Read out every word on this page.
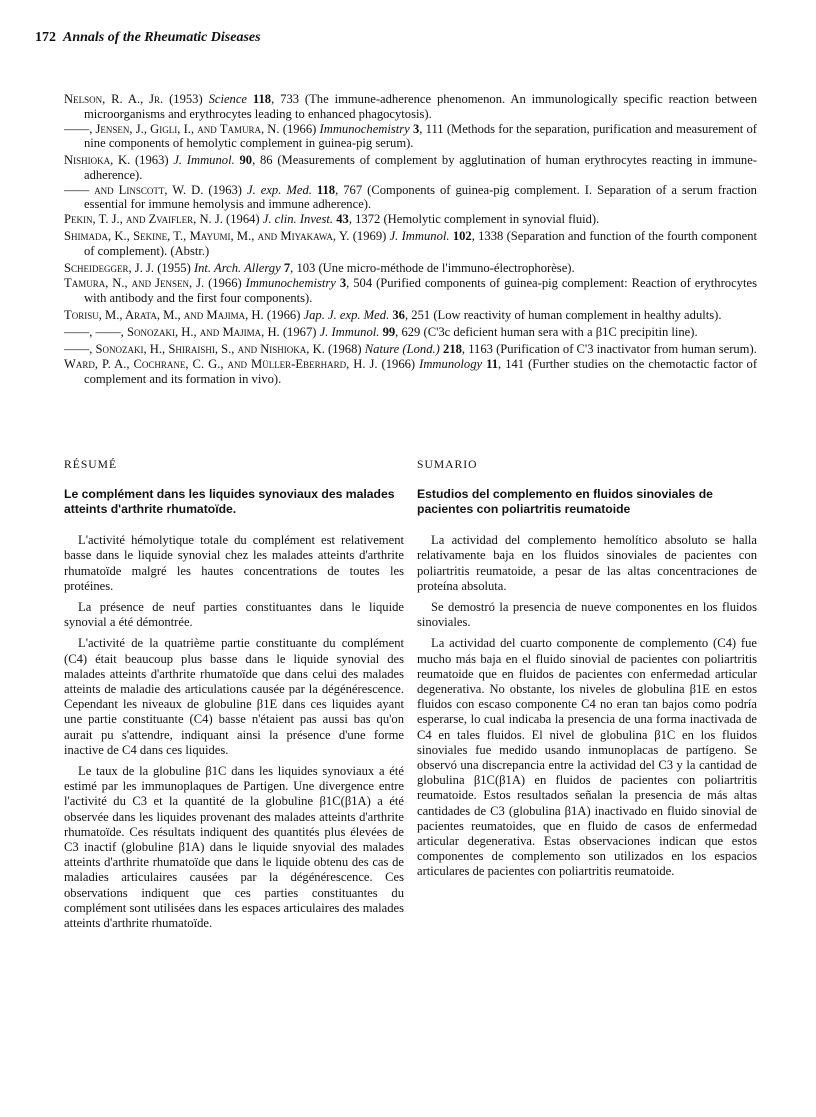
172 Annals of the Rheumatic Diseases

Nelson, R. A., Jr. (1953) Science 118, 733 (The immune-adherence phenomenon. An immunologically specific reaction between microorganisms and erythrocytes leading to enhanced phagocytosis).

——, Jensen, J., Gigli, I., and Tamura, N. (1966) Immunochemistry 3, 111 (Methods for the separation, purification and measurement of nine components of hemolytic complement in guinea-pig serum).

Nishioka, K. (1963) J. Immunol. 90, 86 (Measurements of complement by agglutination of human erythrocytes reacting in immune-adherence).

—— and Linscott, W. D. (1963) J. exp. Med. 118, 767 (Components of guinea-pig complement. I. Separation of a serum fraction essential for immune hemolysis and immune adherence).

Pekin, T. J., and Zvaifler, N. J. (1964) J. clin. Invest. 43, 1372 (Hemolytic complement in synovial fluid).

Shimada, K., Sekine, T., Mayumi, M., and Miyakawa, Y. (1969) J. Immunol. 102, 1338 (Separation and function of the fourth component of complement). (Abstr.)

Scheidegger, J. J. (1955) Int. Arch. Allergy 7, 103 (Une micro-méthode de l'immuno-électrophorèse).

Tamura, N., and Jensen, J. (1966) Immunochemistry 3, 504 (Purified components of guinea-pig complement: Reaction of erythrocytes with antibody and the first four components).

Torisu, M., Arata, M., and Majima, H. (1966) Jap. J. exp. Med. 36, 251 (Low reactivity of human complement in healthy adults).

——, ——, Sonozaki, H., and Majima, H. (1967) J. Immunol. 99, 629 (C'3c deficient human sera with a β1C precipitin line).

——, Sonozaki, H., Shiraishi, S., and Nishioka, K. (1968) Nature (Lond.) 218, 1163 (Purification of C'3 inactivator from human serum).

Ward, P. A., Cochrane, C. G., and Müller-Eberhard, H. J. (1966) Immunology 11, 141 (Further studies on the chemotactic factor of complement and its formation in vivo).

RÉSUMÉ

Le complément dans les liquides synoviaux des malades atteints d'arthrite rhumatoïde.

L'activité hémolytique totale du complément est relativement basse dans le liquide synovial chez les malades atteints d'arthrite rhumatoïde malgré les hautes concentrations de toutes les protéines.

La présence de neuf parties constituantes dans le liquide synovial a été démontrée.

L'activité de la quatrième partie constituante du complément (C4) était beaucoup plus basse dans le liquide synovial des malades atteints d'arthrite rhumatoïde que dans celui des malades atteints de maladie des articulations causée par la dégénérescence. Cependant les niveaux de globuline β1E dans ces liquides ayant une partie constituante (C4) basse n'étaient pas aussi bas qu'on aurait pu s'attendre, indiquant ainsi la présence d'une forme inactive de C4 dans ces liquides.

Le taux de la globuline β1C dans les liquides synoviaux a été estimé par les immunoplaques de Partigen. Une divergence entre l'activité du C3 et la quantité de la globuline β1C(β1A) a été observée dans les liquides provenant des malades atteints d'arthrite rhumatoïde. Ces résultats indiquent des quantités plus élevées de C3 inactif (globuline β1A) dans le liquide snyovial des malades atteints d'arthrite rhumatoïde que dans le liquide obtenu des cas de maladies articulaires causées par la dégénérescence. Ces observations indiquent que ces parties constituantes du complément sont utilisées dans les espaces articulaires des malades atteints d'arthrite rhumatoïde.

SUMARIO

Estudios del complemento en fluidos sinoviales de pacientes con poliartritis reumatoide

La actividad del complemento hemolítico absoluto se halla relativamente baja en los fluidos sinoviales de pacientes con poliartritis reumatoide, a pesar de las altas concentraciones de proteína absoluta.

Se demostró la presencia de nueve componentes en los fluidos sinoviales.

La actividad del cuarto componente de complemento (C4) fue mucho más baja en el fluido sinovial de pacientes con poliartritis reumatoide que en fluidos de pacientes con enfermedad articular degenerativa. No obstante, los niveles de globulina β1E en estos fluidos con escaso componente C4 no eran tan bajos como podría esperarse, lo cual indicaba la presencia de una forma inactivada de C4 en tales fluidos. El nivel de globulina β1C en los fluidos sinoviales fue medido usando inmunoplacas de partígeno. Se observó una discrepancia entre la actividad del C3 y la cantidad de globulina β1C(β1A) en fluidos de pacientes con poliartritis reumatoide. Estos resultados señalan la presencia de más altas cantidades de C3 (globulina β1A) inactivado en fluido sinovial de pacientes reumatoides, que en fluido de casos de enfermedad articular degenerativa. Estas observaciones indican que estos componentes de complemento son utilizados en los espacios articulares de pacientes con poliartritis reumatoide.
